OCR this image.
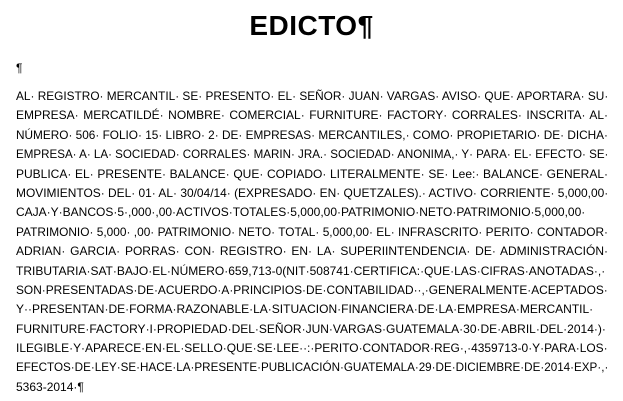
EDICTO¶
¶
AL· REGISTRO· MERCANTIL· SE· PRESENTO· EL· SEÑOR· JUAN· VARGAS· AVISO· QUE· APORTARA· SU·
EMPRESA· MERCATILDÉ· NOMBRE· COMERCIAL· FURNITURE· FACTORY· CORRALES· INSCRITA· AL·
NÚMERO· 506· FOLIO· 15· LIBRO· 2· DE· EMPRESAS· MERCANTILES,· COMO· PROPIETARIO· DE· DICHA·
EMPRESA· A· LA· SOCIEDAD· CORRALES· MARIN· JRA.· SOCIEDAD· ANONIMA,· Y· PARA· EL· EFECTO· SE·
PUBLICA· EL· PRESENTE· BALANCE· QUE· COPIADO· LITERALMENTE· SE· Lee:· BALANCE· GENERAL·
MOVIMIENTOS· DEL· 01· AL· 30/04/14· (EXPRESADO· EN· QUETZALES).· ACTIVO· CORRIENTE· 5,000,00·
CAJA·Y·BANCOS·5·,000·,00·ACTIVOS·TOTALES·5,000,00·PATRIMONIO·NETO·PATRIMONIO·5,000,00·
PATRIMONIO· 5,000· ,00· PATRIMONIO· NETO· TOTAL· 5,000,00· EL· INFRASCRITO· PERITO· CONTADOR·
ADRIAN· GARCIA· PORRAS· CON· REGISTRO· EN· LA· SUPERIINTENDENCIA· DE· ADMINISTRACIÓN·
TRIBUTARIA·SAT·BAJO·EL·NÚMERO·659,713-0(NIT·508741·CERTIFICA:·QUE·LAS·CIFRAS·ANOTADAS·,·
SON·PRESENTADAS·DE·ACUERDO·A·PRINCIPIOS·DE·CONTABILIDAD··,·GENERALMENTE·ACEPTADOS·
Y··PRESENTAN·DE·FORMA·RAZONABLE·LA·SITUACION·FINANCIERA·DE·LA·EMPRESA·MERCANTIL·
FURNITURE·FACTORY·I·PROPIEDAD·DEL·SEÑOR·JUN·VARGAS·GUATEMALA·30·DE·ABRIL·DEL·2014·)·
ILEGIBLE·Y·APARECE·EN·EL·SELLO·QUE·SE·LEE··:·PERITO·CONTADOR·REG·,·4359713-0·Y·PARA·LOS·
EFECTOS·DE·LEY·SE·HACE·LA·PRESENTE·PUBLICACIÓN·GUATEMALA·29·DE·DICIEMBRE·DE·2014·EXP·,·
5363-2014·¶
